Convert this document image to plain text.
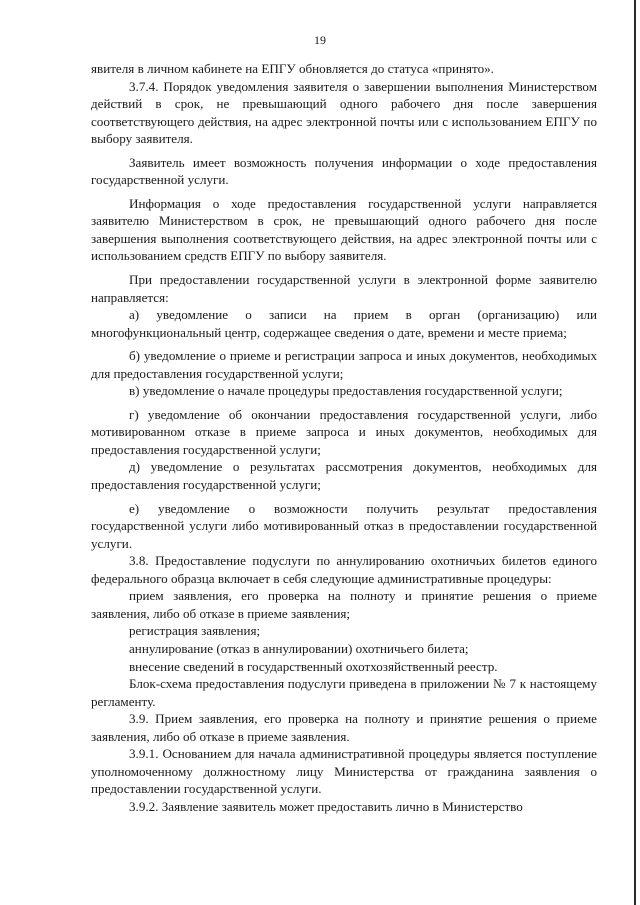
19

явителя в личном кабинете на ЕПГУ обновляется до статуса «принято».

3.7.4. Порядок уведомления заявителя о завершении выполнения Министерством действий в срок, не превышающий одного рабочего дня после завершения соответствующего действия, на адрес электронной почты или с использованием ЕПГУ по выбору заявителя.

Заявитель имеет возможность получения информации о ходе предоставления государственной услуги.

Информация о ходе предоставления государственной услуги направляется заявителю Министерством в срок, не превышающий одного рабочего дня после завершения выполнения соответствующего действия, на адрес электронной почты или с использованием средств ЕПГУ по выбору заявителя.

При предоставлении государственной услуги в электронной форме заявителю направляется:

а) уведомление о записи на прием в орган (организацию) или многофункциональный центр, содержащее сведения о дате, времени и месте приема;

б) уведомление о приеме и регистрации запроса и иных документов, необходимых для предоставления государственной услуги;

в) уведомление о начале процедуры предоставления государственной услуги;

г) уведомление об окончании предоставления государственной услуги, либо мотивированном отказе в приеме запроса и иных документов, необходимых для предоставления государственной услуги;

д) уведомление о результатах рассмотрения документов, необходимых для предоставления государственной услуги;

е) уведомление о возможности получить результат предоставления государственной услуги либо мотивированный отказ в предоставлении государственной услуги.

3.8. Предоставление подуслуги по аннулированию охотничьих билетов единого федерального образца включает в себя следующие административные процедуры:

прием заявления, его проверка на полноту и принятие решения о приеме заявления, либо об отказе в приеме заявления;

регистрация заявления;

аннулирование (отказ в аннулировании) охотничьего билета;

внесение сведений в государственный охотхозяйственный реестр.

Блок-схема предоставления подуслуги приведена в приложении № 7 к настоящему регламенту.

3.9. Прием заявления, его проверка на полноту и принятие решения о приеме заявления, либо об отказе в приеме заявления.

3.9.1. Основанием для начала административной процедуры является поступление уполномоченному должностному лицу Министерства от гражданина заявления о предоставлении государственной услуги.

3.9.2. Заявление заявитель может предоставить лично в Министерство
